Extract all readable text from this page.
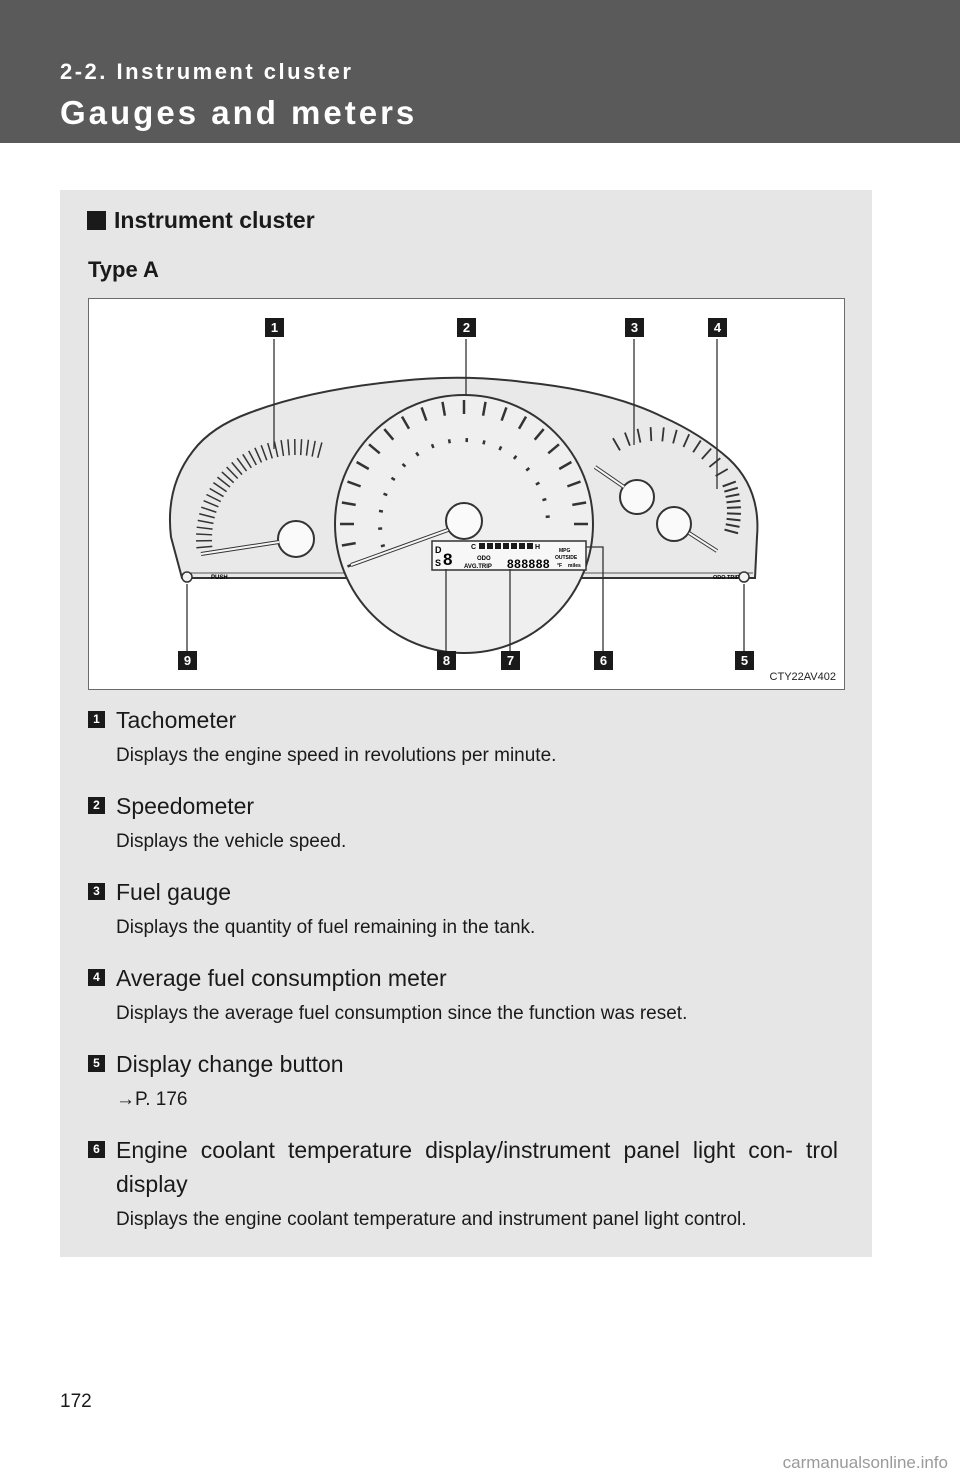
2-2. Instrument cluster
Gauges and meters
Instrument cluster
Type A
D
S 8
C	H
ODO
AVG.TRIP 888888
MPG
OUTSIDE
°F miles
PUSH	ODO TRIP
1	2	3	4
5
6
7
8
9
CTY22AV402
1 Tachometer
Displays the engine speed in revolutions per minute.
2 Speedometer
Displays the vehicle speed.
3 Fuel gauge
Displays the quantity of fuel remaining in the tank.
4 Average fuel consumption meter
Displays the average fuel consumption since the function was reset.
5 Display change button
→P. 176
6 Engine coolant temperature display/instrument panel light con- trol display
Displays the engine coolant temperature and instrument panel light control.
172
carmanualsonline.info
